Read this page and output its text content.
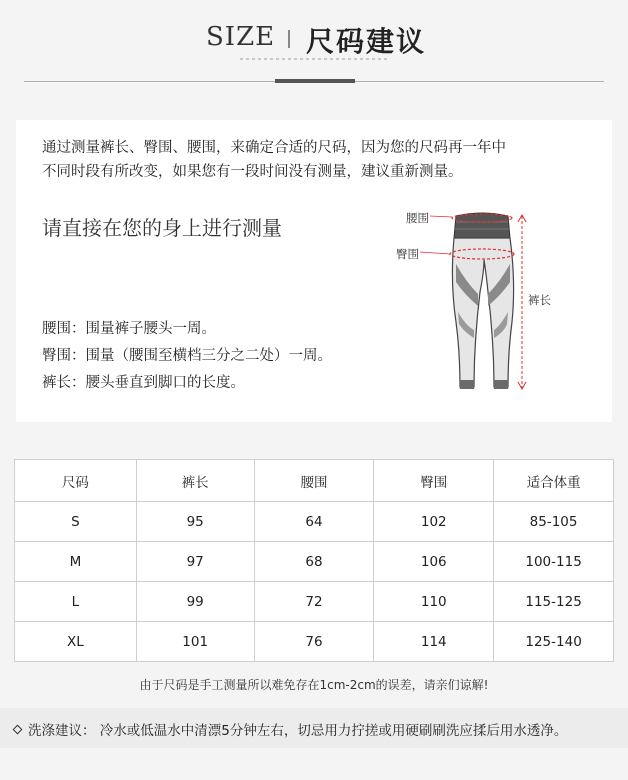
SIZE 尺码建议
通过测量裤长、臀围、腰围，来确定合适的尺码，因为您的尺码再一年中
不同时段有所改变，如果您有一段时间没有测量，建议重新测量。
请直接在您的身上进行测量
腰围：围量裤子腰头一周。
臀围：围量（腰围至横档三分之二处）一周。
裤长：腰头垂直到脚口的长度。
腰围
臀围
裤长
尺码	裤长	腰围	臀围	适合体重
S	95	64	102	85-105
M	97	68	106	100-115
L	99	72	110	115-125
XL	101	76	114	125-140
由于尺码是手工测量所以难免存在1cm-2cm的误差，请亲们谅解!
洗涤建议： 冷水或低温水中清漂5分钟左右，切忌用力拧搓或用硬刷刷洗应揉后用水透净。
